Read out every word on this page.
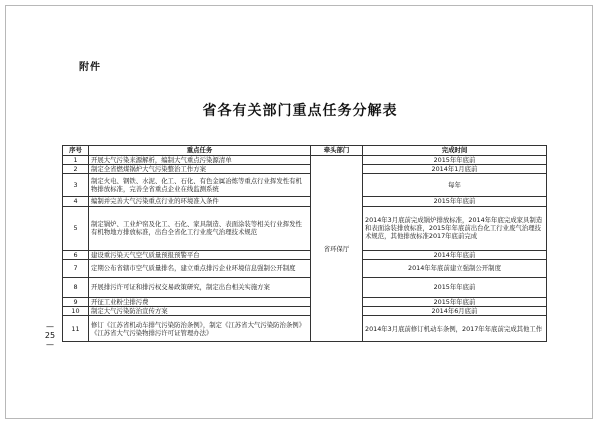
附件
省各有关部门重点任务分解表
—
25
—
序号	重点任务	牵头部门	完成时间
1	开展大气污染来源解析，编制大气重点污染源清单	省环保厅	2015年年底前
2	制定全省燃煤锅炉大气污染整治工作方案		2014年1月底前
3	制定火电、钢铁、水泥、化工、石化、有色金属冶炼等重点行业挥发性有机物排放标准，完善全省重点企业在线监测系统		每年
4	编制并完善大气污染重点行业的环境准入条件		2015年年底前
5	制定锅炉、工业炉窑及化工、石化、家具制造、表面涂装等相关行业挥发性有机物地方排放标准，出台全省化工行业废气治理技术规范		2014年3月底前完成锅炉排放标准，2014年年底完成家具制造和表面涂装排放标准，2015年年底前出台化工行业废气治理技术规范，其他排放标准2017年底前完成
6	建设重污染天气空气质量预报预警平台		2014年年底前
7	定期公布省辖市空气质量排名，建立重点排污企业环境信息强制公开制度		2014年年底前建立强制公开制度
8	开展排污许可证和排污权交易政策研究，制定出台相关实施方案		2015年年底前
9	开征工业粉尘排污费		2015年年底前
10	制定大气污染防治宣传方案		2014年6月底前
11	修订《江苏省机动车排气污染防治条例》，制定《江苏省大气污染防治条例》《江苏省大气污染物排污许可证管理办法》		2014年3月底前修订机动车条例，2017年年底前完成其他工作
